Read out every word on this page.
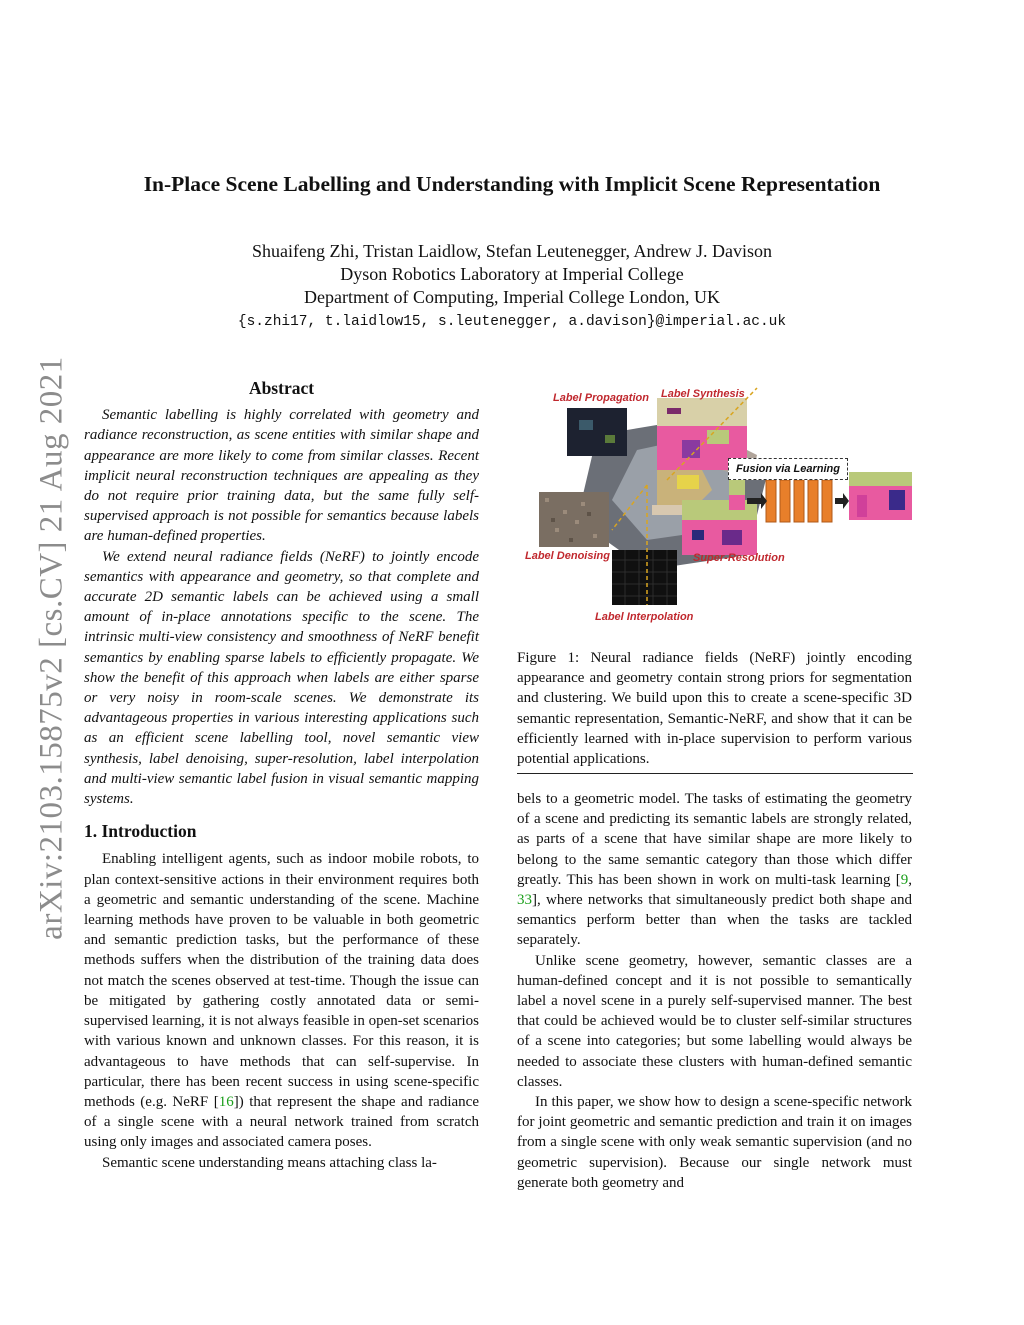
arXiv:2103.15875v2 [cs.CV] 21 Aug 2021
In-Place Scene Labelling and Understanding with Implicit Scene Representation
Shuaifeng Zhi, Tristan Laidlow, Stefan Leutenegger, Andrew J. Davison
Dyson Robotics Laboratory at Imperial College
Department of Computing, Imperial College London, UK
{s.zhi17, t.laidlow15, s.leutenegger, a.davison}@imperial.ac.uk
Abstract

Semantic labelling is highly correlated with geometry and radiance reconstruction, as scene entities with similar shape and appearance are more likely to come from similar classes. Recent implicit neural reconstruction techniques are appealing as they do not require prior training data, but the same fully self-supervised approach is not possible for semantics because labels are human-defined properties.

We extend neural radiance fields (NeRF) to jointly encode semantics with appearance and geometry, so that complete and accurate 2D semantic labels can be achieved using a small amount of in-place annotations specific to the scene. The intrinsic multi-view consistency and smoothness of NeRF benefit semantics by enabling sparse labels to efficiently propagate. We show the benefit of this approach when labels are either sparse or very noisy in room-scale scenes. We demonstrate its advantageous properties in various interesting applications such as an efficient scene labelling tool, novel semantic view synthesis, label denoising, super-resolution, label interpolation and multi-view semantic label fusion in visual semantic mapping systems.

1. Introduction

Enabling intelligent agents, such as indoor mobile robots, to plan context-sensitive actions in their environment requires both a geometric and semantic understanding of the scene. Machine learning methods have proven to be valuable in both geometric and semantic prediction tasks, but the performance of these methods suffers when the distribution of the training data does not match the scenes observed at test-time. Though the issue can be mitigated by gathering costly annotated data or semi-supervised learning, it is not always feasible in open-set scenarios with various known and unknown classes. For this reason, it is advantageous to have methods that can self-supervise. In particular, there has been recent success in using scene-specific methods (e.g. NeRF [16]) that represent the shape and radiance of a single scene with a neural network trained from scratch using only images and associated camera poses.

Semantic scene understanding means attaching class la-

Label Propagation Label Synthesis
Fusion via Learning
Label Denoising	Super-Resolution
Label Interpolation
Figure 1: Neural radiance fields (NeRF) jointly encoding appearance and geometry contain strong priors for segmentation and clustering. We build upon this to create a scene-specific 3D semantic representation, Semantic-NeRF, and show that it can be efficiently learned with in-place supervision to perform various potential applications.

bels to a geometric model. The tasks of estimating the geometry of a scene and predicting its semantic labels are strongly related, as parts of a scene that have similar shape are more likely to belong to the same semantic category than those which differ greatly. This has been shown in work on multi-task learning [9, 33], where networks that simultaneously predict both shape and semantics perform better than when the tasks are tackled separately.

Unlike scene geometry, however, semantic classes are a human-defined concept and it is not possible to semantically label a novel scene in a purely self-supervised manner. The best that could be achieved would be to cluster self-similar structures of a scene into categories; but some labelling would always be needed to associate these clusters with human-defined semantic classes.

In this paper, we show how to design a scene-specific network for joint geometric and semantic prediction and train it on images from a single scene with only weak semantic supervision (and no geometric supervision). Because our single network must generate both geometry and
